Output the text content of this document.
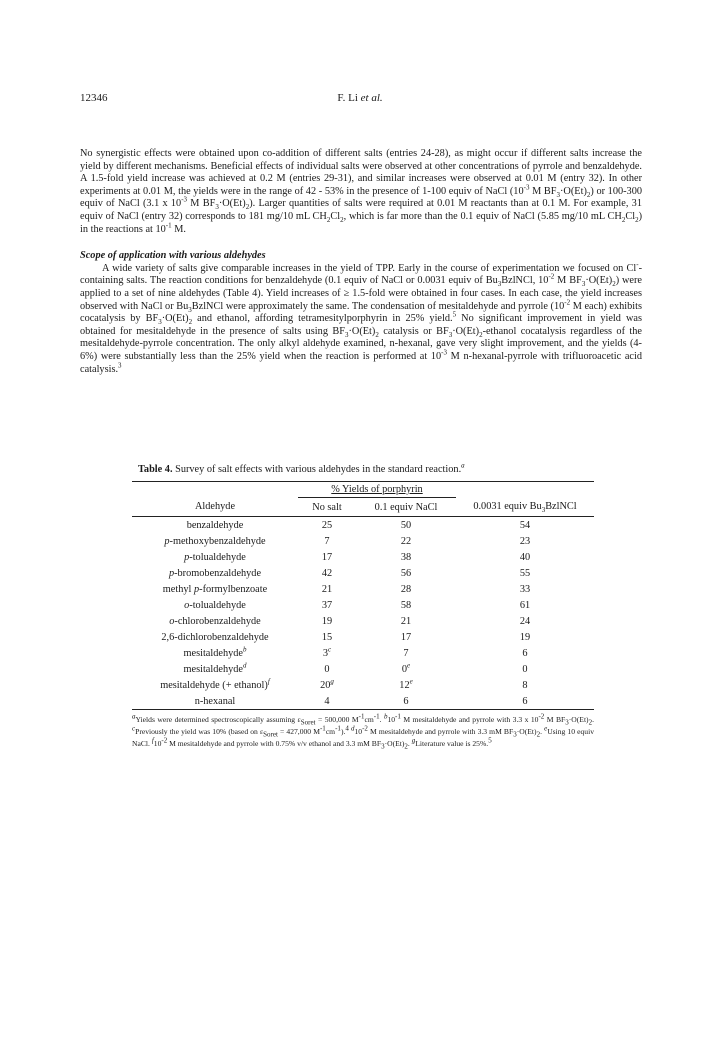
12346	F. Li et al.

No synergistic effects were obtained upon co-addition of different salts (entries 24-28), as might occur if different salts increase the yield by different mechanisms. Beneficial effects of individual salts were observed at other concentrations of pyrrole and benzaldehyde. A 1.5-fold yield increase was achieved at 0.2 M (entries 29-31), and similar increases were observed at 0.01 M (entry 32). In other experiments at 0.01 M, the yields were in the range of 42 - 53% in the presence of 1-100 equiv of NaCl ($10^{-3}$ M $BF_3\cdot O(Et)_2$) or 100-300 equiv of NaCl (3.1 x $10^{-3}$ M $BF_3\cdot O(Et)_2$). Larger quantities of salts were required at 0.01 M reactants than at 0.1 M. For example, 31 equiv of NaCl (entry 32) corresponds to 181 mg/10 mL $CH_2Cl_2$, which is far more than the 0.1 equiv of NaCl (5.85 mg/10 mL $CH_2Cl_2$) in the reactions at $10^{-1}$ M.

Scope of application with various aldehydes

A wide variety of salts give comparable increases in the yield of TPP. Early in the course of experimentation we focused on Cl--containing salts. The reaction conditions for benzaldehyde (0.1 equiv of NaCl or 0.0031 equiv of $Bu_3BzlNCl$, $10^{-2}$ M $BF_3\cdot O(Et)_2$) were applied to a set of nine aldehydes (Table 4). Yield increases of ≥ 1.5-fold were obtained in four cases. In each case, the yield increases observed with NaCl or $Bu_3BzlNCl$ were approximately the same. The condensation of mesitaldehyde and pyrrole ($10^{-2}$ M each) exhibits cocatalysis by $BF_3\cdot O(Et)_2$ and ethanol, affording tetramesitylporphyrin in 25% yield.$^5$ No significant improvement in yield was obtained for mesitaldehyde in the presence of salts using $BF_3\cdot O(Et)_2$ catalysis or $BF_3\cdot O(Et)_2$-ethanol cocatalysis regardless of the mesitaldehyde-pyrrole concentration. The only alkyl aldehyde examined, n-hexanal, gave very slight improvement, and the yields (4-6%) were substantially less than the 25% yield when the reaction is performed at $10^{-3}$ M n-hexanal-pyrrole with trifluoroacetic acid catalysis.$^3$

Table 4. Survey of salt effects with various aldehydes in the standard reaction.$^a$
	% Yields of porphyrin		
Aldehyde	No salt	0.1 equiv NaCl	0.0031 equiv $Bu_3BzlNCl$
benzaldehyde	25	50	54
p-methoxybenzaldehyde	7	22	23
p-tolualdehyde	17	38	40
p-bromobenzaldehyde	42	56	55
methyl p-formylbenzoate	21	28	33
o-tolualdehyde	37	58	61
o-chlorobenzaldehyde	19	21	24
2,6-dichlorobenzaldehyde	15	17	19
mesitaldehyde$^b$	3$^c$	7	6
mesitaldehyde$^d$	0	0e	0
mesitaldehyde (+ ethanol)$^f$	20$^g$	12e	8
n-hexanal	4	6	6
$^a$Yields were determined spectroscopically assuming $\varepsilon_{Soret} = 500,000$ $M^{-1}cm^{-1}$. $^b10^{-1}$ M mesitaldehyde and pyrrole with 3.3 x $10^{-2}$ M $BF_3\cdot O(Et)_2$. $^c$Previously the yield was 10% (based on $\varepsilon_{Soret} = 427,000$ $M^{-1}cm^{-1}).^4$ $^d10^{-2}$ M mesitaldehyde and pyrrole with 3.3 mM $BF_3\cdot O(Et)_2$. $^e$Using 10 equiv NaCl. $^f10^{-2}$ M mesitaldehyde and pyrrole with 0.75% v/v ethanol and 3.3 mM $BF_3\cdot O(Et)_2$. $^g$Literature value is 25%.$^5$
